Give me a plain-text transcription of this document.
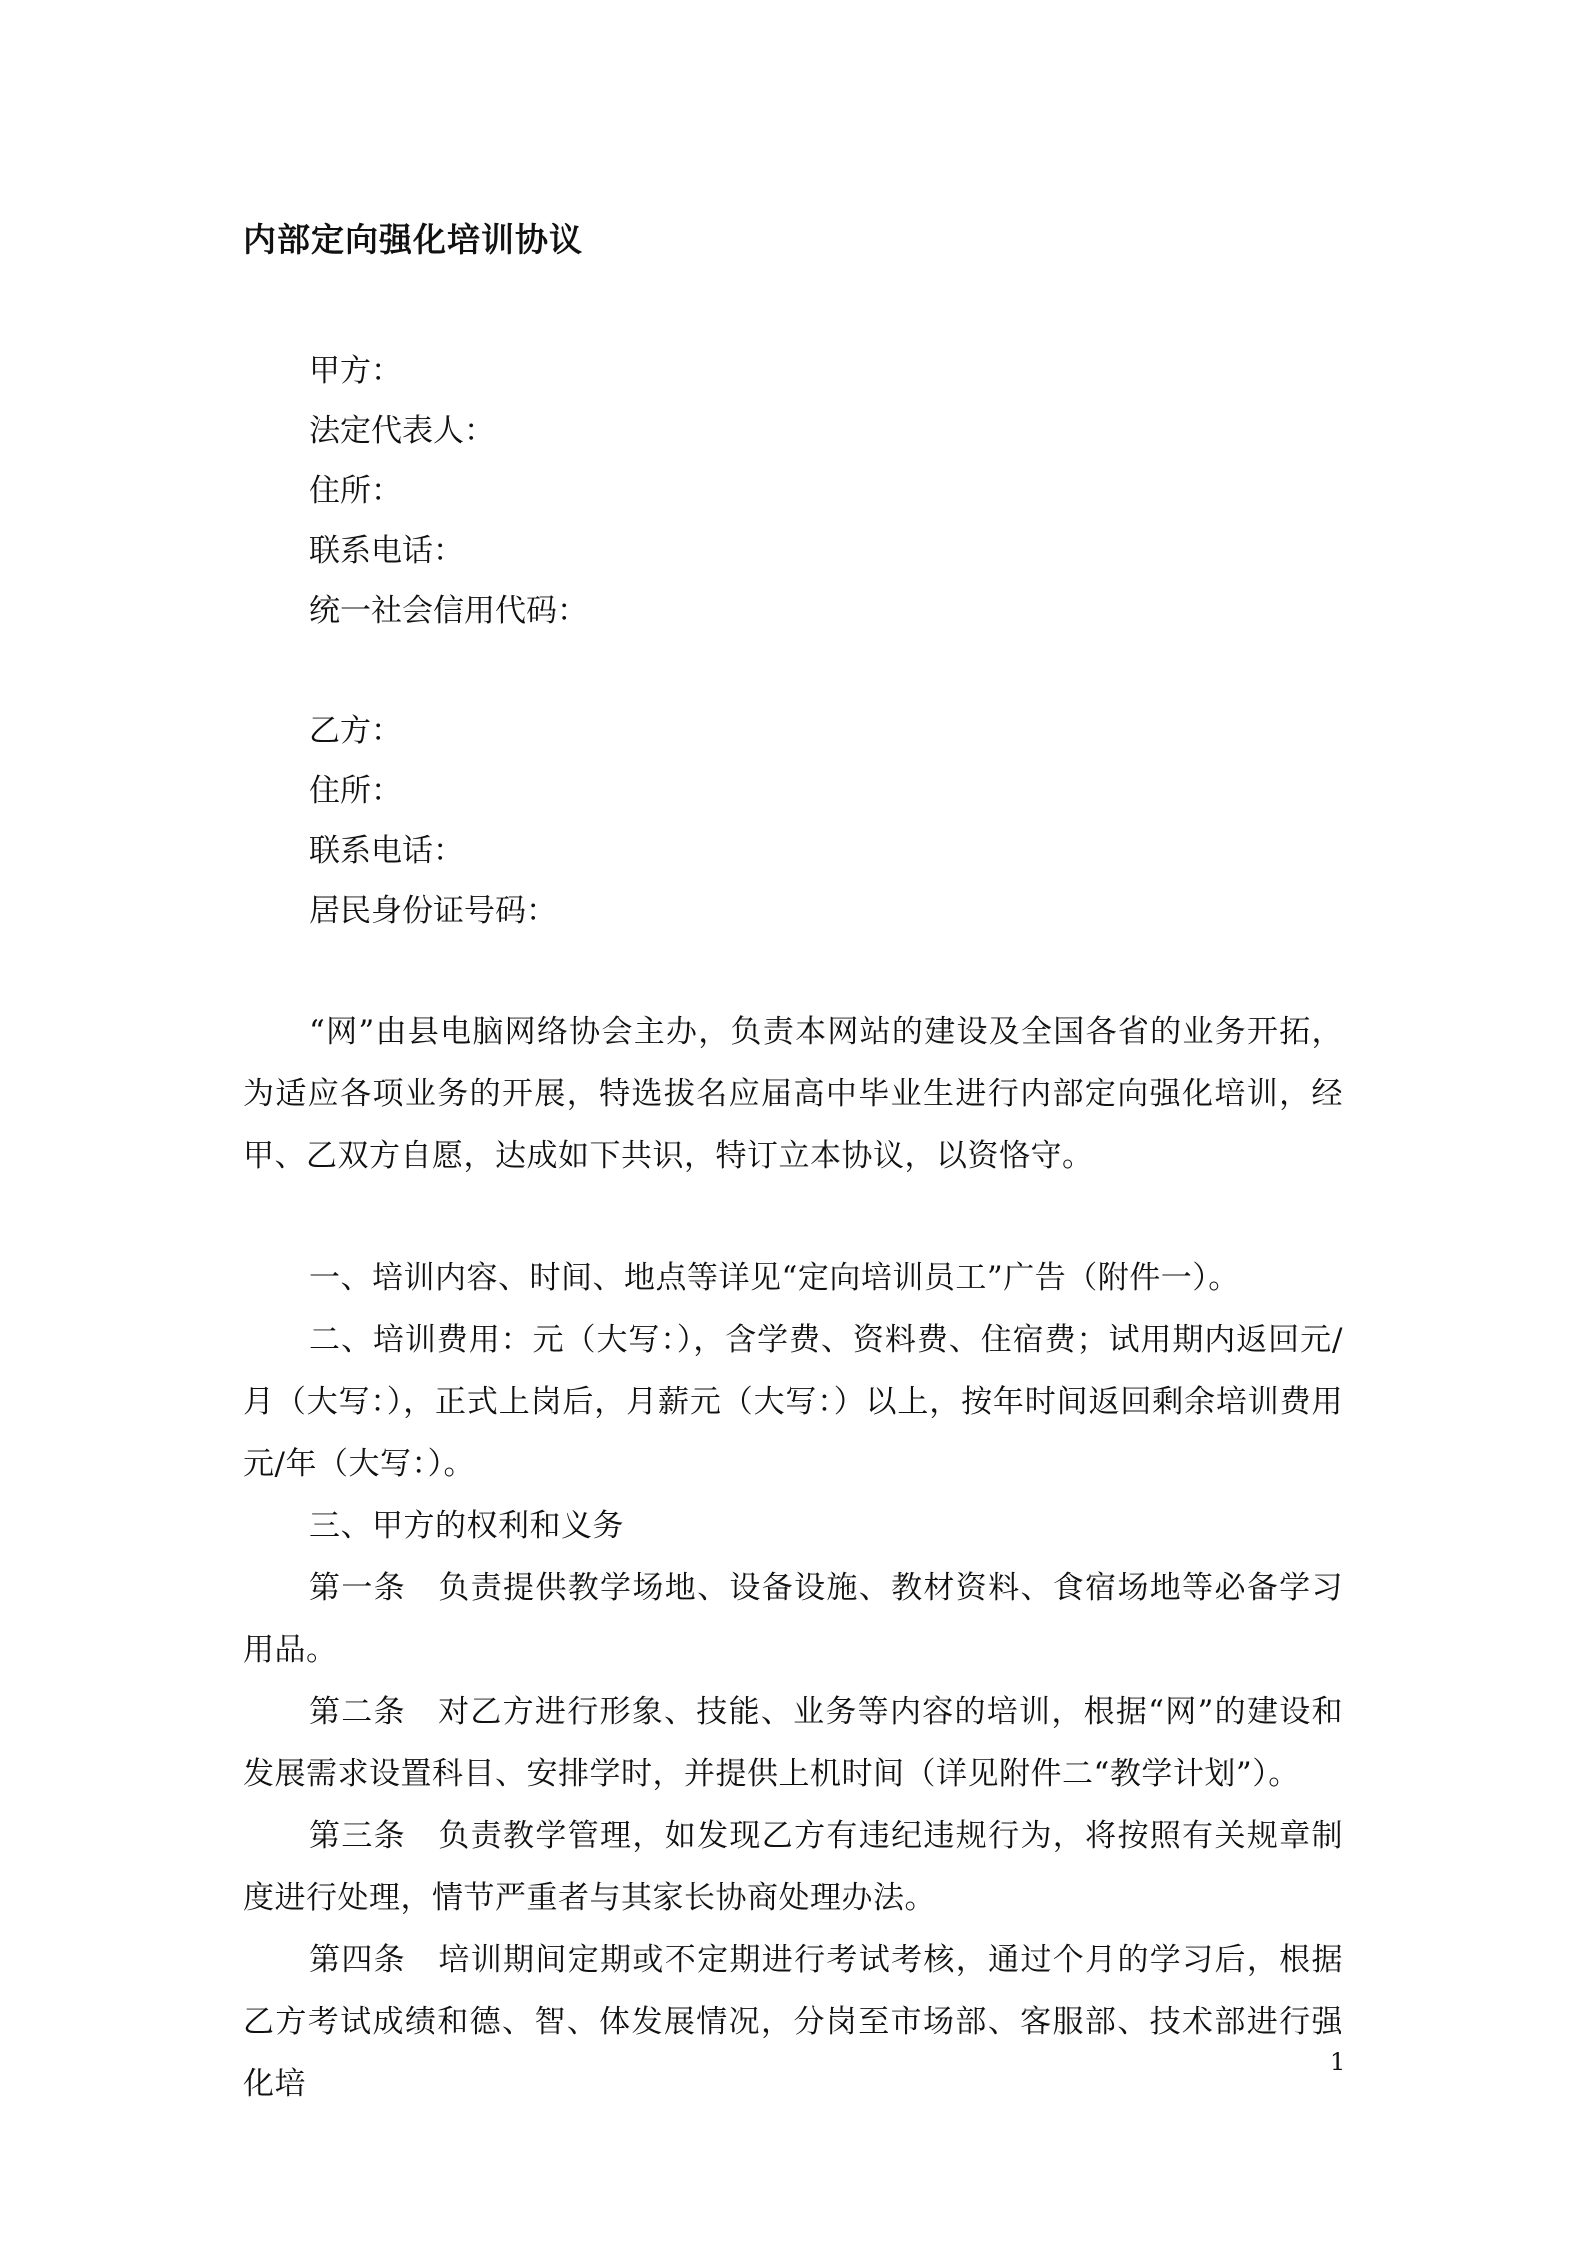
内部定向强化培训协议
甲方：
法定代表人：
住所：
联系电话：
统一社会信用代码：
乙方：
住所：
联系电话：
居民身份证号码：

“网”由县电脑网络协会主办，负责本网站的建设及全国各省的业务开拓，为适应各项业务的开展，特选拔名应届高中毕业生进行内部定向强化培训，经甲、乙双方自愿，达成如下共识，特订立本协议，以资恪守。

一、培训内容、时间、地点等详见“定向培训员工”广告（附件一）。

二、培训费用：元（大写：），含学费、资料费、住宿费；试用期内返回元/月（大写：），正式上岗后，月薪元（大写：）以上，按年时间返回剩余培训费用元/年（大写：）。

三、甲方的权利和义务

第一条　负责提供教学场地、设备设施、教材资料、食宿场地等必备学习用品。

第二条　对乙方进行形象、技能、业务等内容的培训，根据“网”的建设和发展需求设置科目、安排学时，并提供上机时间（详见附件二“教学计划”）。

第三条　负责教学管理，如发现乙方有违纪违规行为，将按照有关规章制度进行处理，情节严重者与其家长协商处理办法。

第四条　培训期间定期或不定期进行考试考核，通过个月的学习后，根据乙方考试成绩和德、智、体发展情况，分岗至市场部、客服部、技术部进行强化培

1
